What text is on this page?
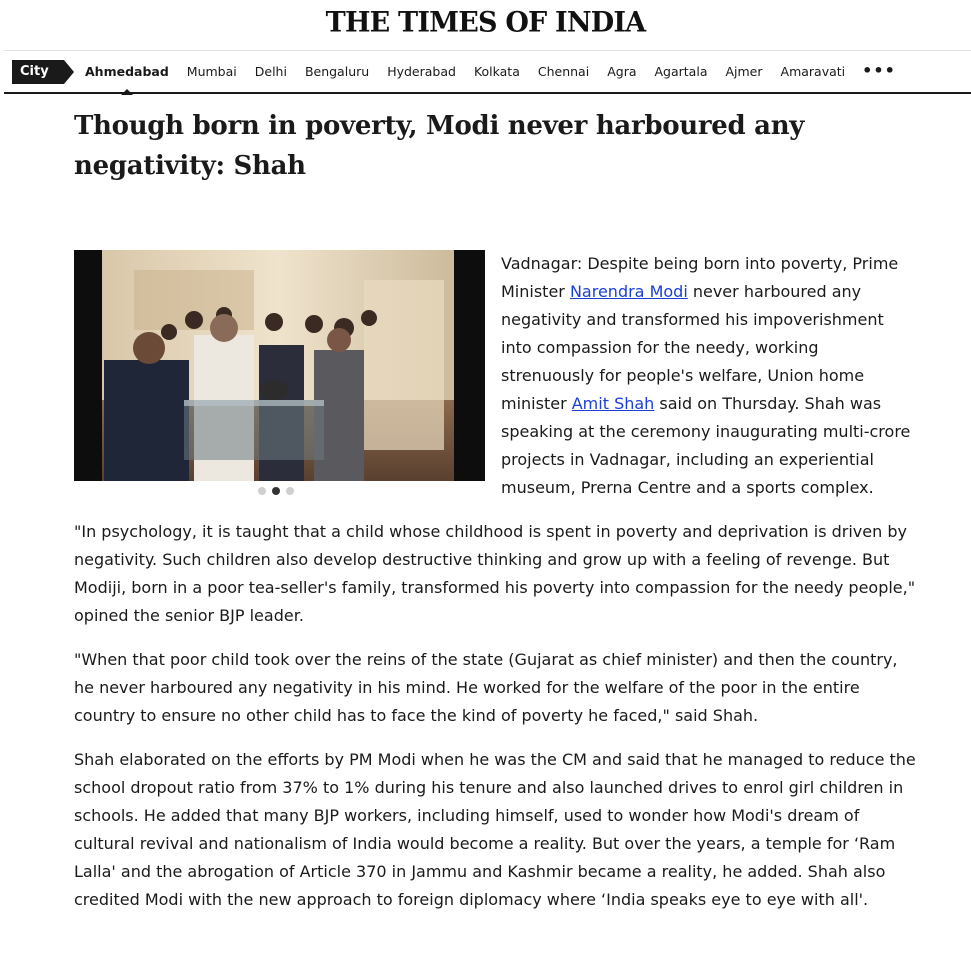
THE TIMES OF INDIA
City	Ahmedabad	Mumbai	Delhi	Bengaluru	Hyderabad	Kolkata	Chennai	Agra	Agartala	Ajmer	Amaravati	•••
Though born in poverty, Modi never harboured any negativity: Shah
Vadnagar: Despite being born into poverty, Prime Minister Narendra Modi never harboured any negativity and transformed his impoverishment into compassion for the needy, working strenuously for people's welfare, Union home minister Amit Shah said on Thursday. Shah was speaking at the ceremony inaugurating multi-crore projects in Vadnagar, including an experiential museum, Prerna Centre and a sports complex.

"In psychology, it is taught that a child whose childhood is spent in poverty and deprivation is driven by negativity. Such children also develop destructive thinking and grow up with a feeling of revenge. But Modiji, born in a poor tea-seller's family, transformed his poverty into compassion for the needy people," opined the senior BJP leader.

"When that poor child took over the reins of the state (Gujarat as chief minister) and then the country, he never harboured any negativity in his mind. He worked for the welfare of the poor in the entire country to ensure no other child has to face the kind of poverty he faced," said Shah.

Shah elaborated on the efforts by PM Modi when he was the CM and said that he managed to reduce the school dropout ratio from 37% to 1% during his tenure and also launched drives to enrol girl children in schools. He added that many BJP workers, including himself, used to wonder how Modi's dream of cultural revival and nationalism of India would become a reality. But over the years, a temple for ‘Ram Lalla' and the abrogation of Article 370 in Jammu and Kashmir became a reality, he added. Shah also credited Modi with the new approach to foreign diplomacy where ‘India speaks eye to eye with all'.
